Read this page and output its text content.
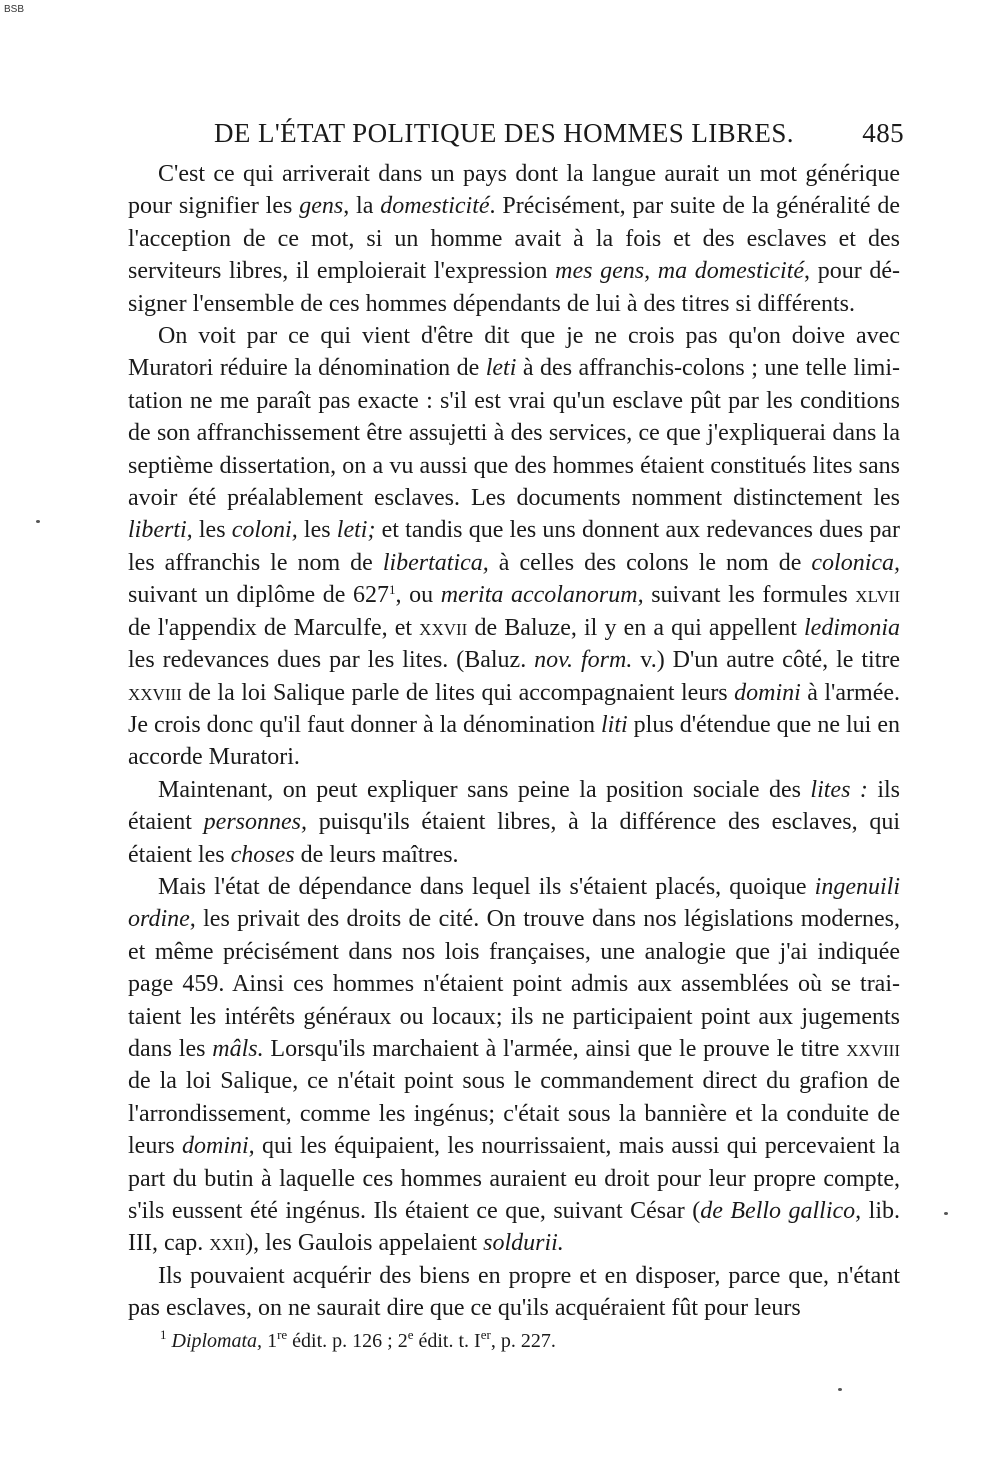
BSB
DE L'ÉTAT POLITIQUE DES HOMMES LIBRES.	485

C'est ce qui arriverait dans un pays dont la langue aurait un mot générique pour signifier les gens, la domesticité. Précisément, par suite de la généralité de l'acception de ce mot, si un homme avait à la fois et des esclaves et des serviteurs libres, il emploierait l'expression mes gens, ma domesticité, pour désigner l'ensemble de ces hommes dépendants de lui à des titres si différents.

On voit par ce qui vient d'être dit que je ne crois pas qu'on doive avec Muratori réduire la dénomination de leti à des affranchis-colons ; une telle limitation ne me paraît pas exacte : s'il est vrai qu'un esclave pût par les conditions de son affranchissement être assujetti à des services, ce que j'expliquerai dans la septième dissertation, on a vu aussi que des hommes étaient constitués lites sans avoir été préalablement esclaves. Les documents nomment distinctement les liberti, les coloni, les leti; et tandis que les uns donnent aux redevances dues par les affranchis le nom de libertatica, à celles des colons le nom de colonica, suivant un diplôme de $627^1$, ou merita accolanorum, suivant les formules xlvii de l'appendix de Marculfe, et xxvii de Baluze, il y en a qui appellent ledimonia les redevances dues par les lites. (Baluz. nov. form. v.) D'un autre côté, le titre xxviii de la loi Salique parle de lites qui accompagnaient leurs domini à l'armée. Je crois donc qu'il faut donner à la dénomination liti plus d'étendue que ne lui en accorde Muratori.

Maintenant, on peut expliquer sans peine la position sociale des lites : ils étaient personnes, puisqu'ils étaient libres, à la différence des esclaves, qui étaient les choses de leurs maîtres.

Mais l'état de dépendance dans lequel ils s'étaient placés, quoique ingenuili ordine, les privait des droits de cité. On trouve dans nos législations modernes, et même précisément dans nos lois françaises, une analogie que j'ai indiquée page 459. Ainsi ces hommes n'étaient point admis aux assemblées où se traitaient les intérêts généraux ou locaux; ils ne participaient point aux jugements dans les mâls. Lorsqu'ils marchaient à l'armée, ainsi que le prouve le titre xxviii de la loi Salique, ce n'était point sous le commandement direct du grafion de l'arrondissement, comme les ingénus; c'était sous la bannière et la conduite de leurs domini, qui les équipaient, les nourrissaient, mais aussi qui percevaient la part du butin à laquelle ces hommes auraient eu droit pour leur propre compte, s'ils eussent été ingénus. Ils étaient ce que, suivant César (de Bello gallico, lib. III, cap. xxii), les Gaulois appelaient soldurii.

Ils pouvaient acquérir des biens en propre et en disposer, parce que, n'étant pas esclaves, on ne saurait dire que ce qu'ils acquéraient fût pour leurs

$^1$ Diplomata, 1re édit. p. 126 ; 2e édit. t. Ier, p. 227.
